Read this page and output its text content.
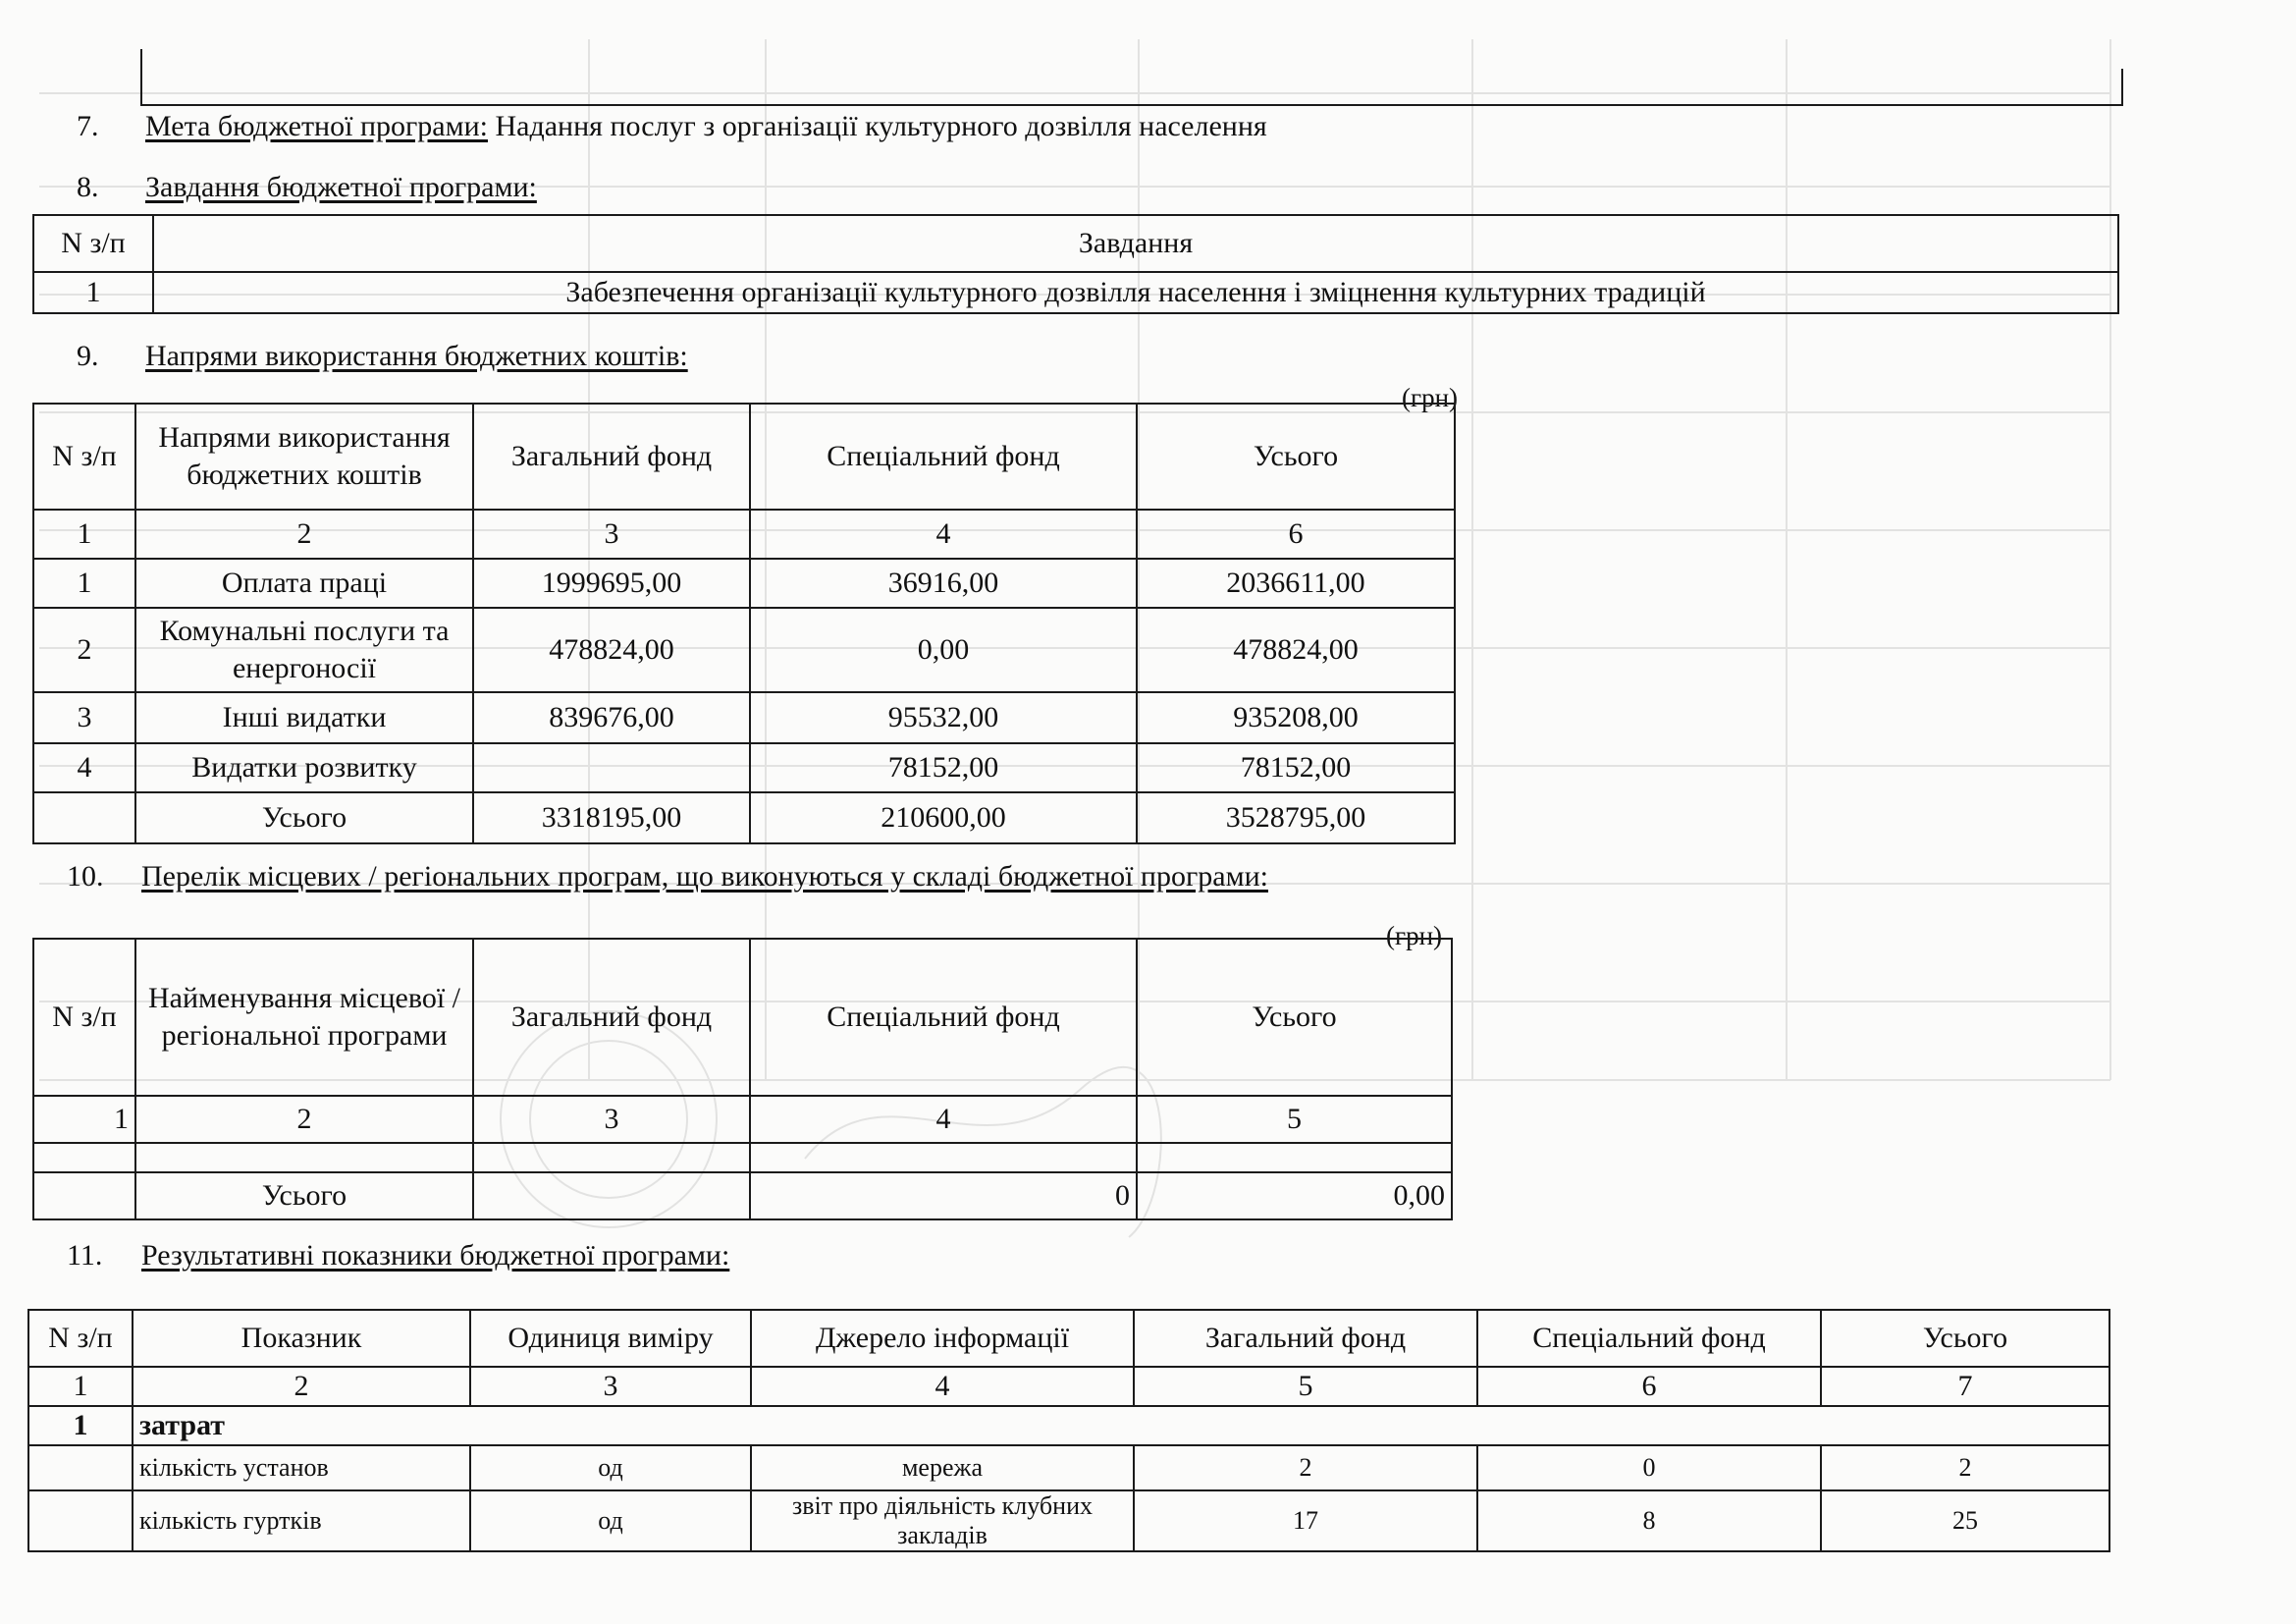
7. Мета бюджетної програми: Надання послуг з організації культурного дозвілля населення
8. Завдання бюджетної програми:
N з/п	Завдання
1	Забезпечення організації культурного дозвілля населення і зміцнення культурних традицій
9. Напрями використання бюджетних коштів:
(грн)
N з/п	Напрями використання бюджетних коштів	Загальний фонд	Спеціальний фонд	Усього
1	2	3	4	6
1	Оплата праці	1999695,00	36916,00	2036611,00
2	Комунальні послуги та енергоносії	478824,00	0,00	478824,00
3	Інші видатки	839676,00	95532,00	935208,00
4	Видатки розвитку		78152,00	78152,00
	Усього	3318195,00	210600,00	3528795,00
10. Перелік місцевих / регіональних програм, що виконуються у складі бюджетної програми:
(грн)
N з/п	Найменування місцевої / регіональної програми	Загальний фонд	Спеціальний фонд	Усього
1	2	3	4	5

	Усього		0	0,00
11. Результативні показники бюджетної програми:
N з/п	Показник	Одиниця виміру	Джерело інформації	Загальний фонд	Спеціальний фонд	Усього
1	2	3	4	5	6	7
1	затрат					
	кількість установ	од	мережа	2	0	2
	кількість гуртків	од	звіт про діяльність клубних закладів	17	8	25
